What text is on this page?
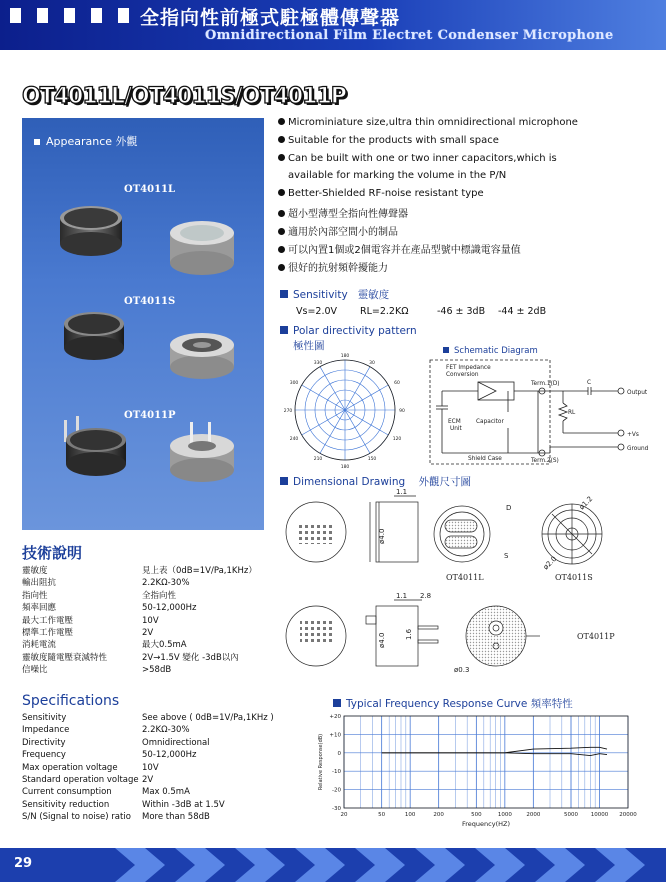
全指向性前極式駐極體傳聲器
Omnidirectional Film Electret Condenser Microphone
OT4011L/OT4011S/OT4011P
Appearance 外觀
OT4011L
OT4011S
OT4011P
技術說明
靈敏度	見上表（0dB=1V/Pa,1KHz）
輸出阻抗	2.2KΩ-30%
指向性	全指向性
頻率回應	50-12,000Hz
最大工作電壓	10V
標準工作電壓	2V
消耗電流	最大0.5mA
靈敏度隨電壓衰減特性	2V→1.5V 變化 -3dB以內
信噪比	>58dB
Specifications
Sensitivity	See above ( 0dB=1V/Pa,1KHz )
Impedance	2.2KΩ-30%
Directivity	Omnidirectional
Frequency	50-12,000Hz
Max operation voltage	10V
Standard operation voltage 2V
Current consumption	Max 0.5mA
Sensitivity reduction	Within -3dB at 1.5V
S/N (Signal to noise) ratio	More than 58dB
Microminiature size,ultra thin omnidirectional microphone
Suitable for the products with small space
Can be built with one or two inner capacitors,which is
available for marking the volume in the P/N
Better-Shielded RF-noise resistant type
超小型薄型全指向性傳聲器
適用於內部空間小的制品
可以內置1個或2個電容并在產品型號中標識電容量值
很好的抗射頻幹擾能力
Sensitivity 靈敏度
Vs=2.0V RL=2.2KΩ	-46 ± 3dB -44 ± 2dB
Polar directivity pattern
極性圖
180
330	30
300	60
270	90
240	120
210	150
180
Schematic Diagram
FET Impedance
Conversion
ECM
Unit
Capacitor
Shield Case
Term.1(D)
Term.2(S)
C
RL
Output
+Vs
Ground
Dimensional Drawing 外觀尺寸圖
1.1
ø4.0
D
S
ø1.2
ø2.0
1.1 2.8
ø4.0	1.6
ø0.3
OT4011L	OT4011S
OT4011P
Typical Frequency Response Curve 頻率特性
+20
+10
0
-10
-20
-30
20	50	100	200	500	1000	2000	5000 10000 20000
Frequency(HZ)
Relative Response(dB)
29
